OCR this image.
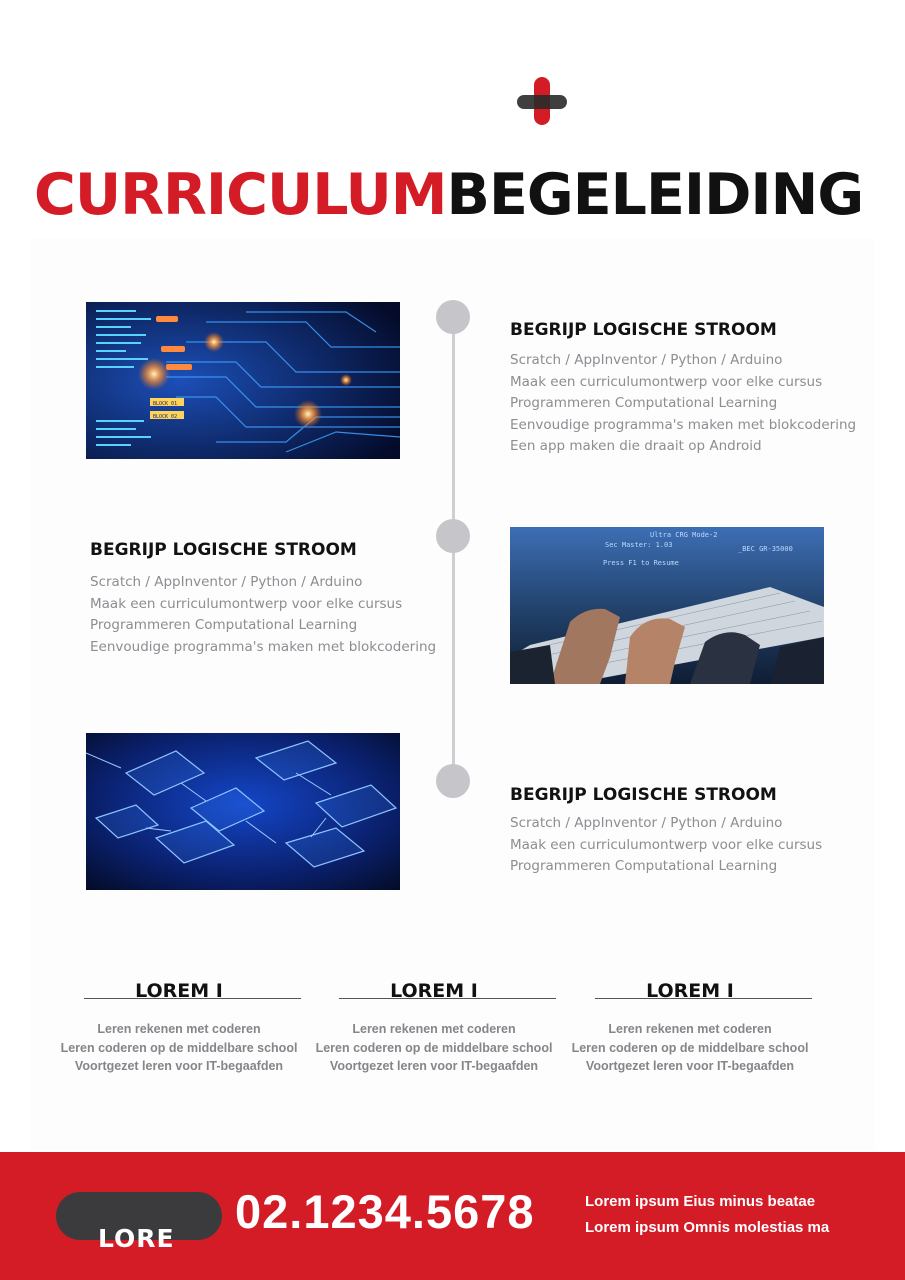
CURRICULUMBEGELEIDING
BLOCK 01
BLOCK 02
Ultra CRG Mode-2
Sec Master: 1.03	_BEC GR-35000
Press F1 to Resume
BEGRIJP LOGISCHE STROOM
Scratch / AppInventor / Python / Arduino
Maak een curriculumontwerp voor elke cursus
Programmeren Computational Learning
Eenvoudige programma's maken met blokcodering
Een app maken die draait op Android
BEGRIJP LOGISCHE STROOM
Scratch / AppInventor / Python / Arduino
Maak een curriculumontwerp voor elke cursus
Programmeren Computational Learning
Eenvoudige programma's maken met blokcodering
BEGRIJP LOGISCHE STROOM
Scratch / AppInventor / Python / Arduino
Maak een curriculumontwerp voor elke cursus
Programmeren Computational Learning
LOREM I
Leren rekenen met coderen
Leren coderen op de middelbare school
Voortgezet leren voor IT-begaafden
LOREM I
Leren rekenen met coderen
Leren coderen op de middelbare school
Voortgezet leren voor IT-begaafden
LOREM I
Leren rekenen met coderen
Leren coderen op de middelbare school
Voortgezet leren voor IT-begaafden
LORE
02.1234.5678	Lorem ipsum Eius minus beatae
Lorem ipsum Omnis molestias ma
